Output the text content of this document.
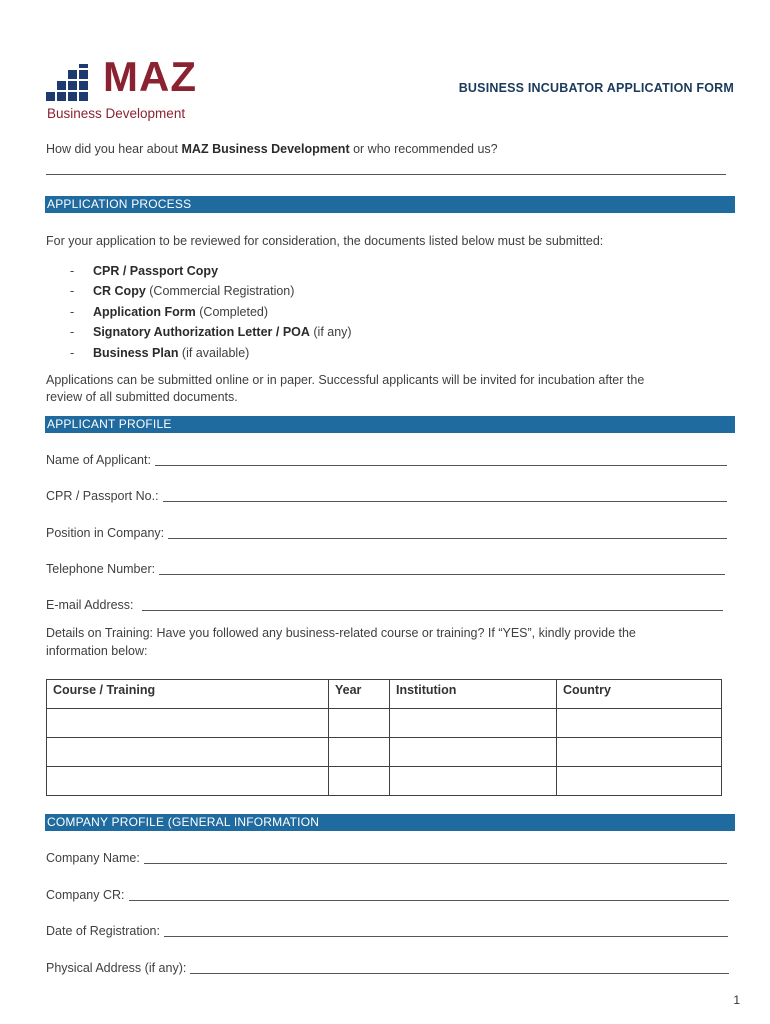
MAZ
Business Development
BUSINESS INCUBATOR APPLICATION FORM
How did you hear about MAZ Business Development or who recommended us?
APPLICATION PROCESS
For your application to be reviewed for consideration, the documents listed below must be submitted:
- CPR / Passport Copy
- CR Copy (Commercial Registration)
- Application Form (Completed)
- Signatory Authorization Letter / POA (if any)
- Business Plan (if available)
Applications can be submitted online or in paper. Successful applicants will be invited for incubation after the
review of all submitted documents.
APPLICANT PROFILE
Name of Applicant:
CPR / Passport No.:
Position in Company:
Telephone Number:
E-mail Address:
Details on Training: Have you followed any business-related course or training? If “YES”, kindly provide the
information below:
Course / Training	Year	Institution	Country

COMPANY PROFILE (GENERAL INFORMATION
Company Name:
Company CR:
Date of Registration:
Physical Address (if any):
1
